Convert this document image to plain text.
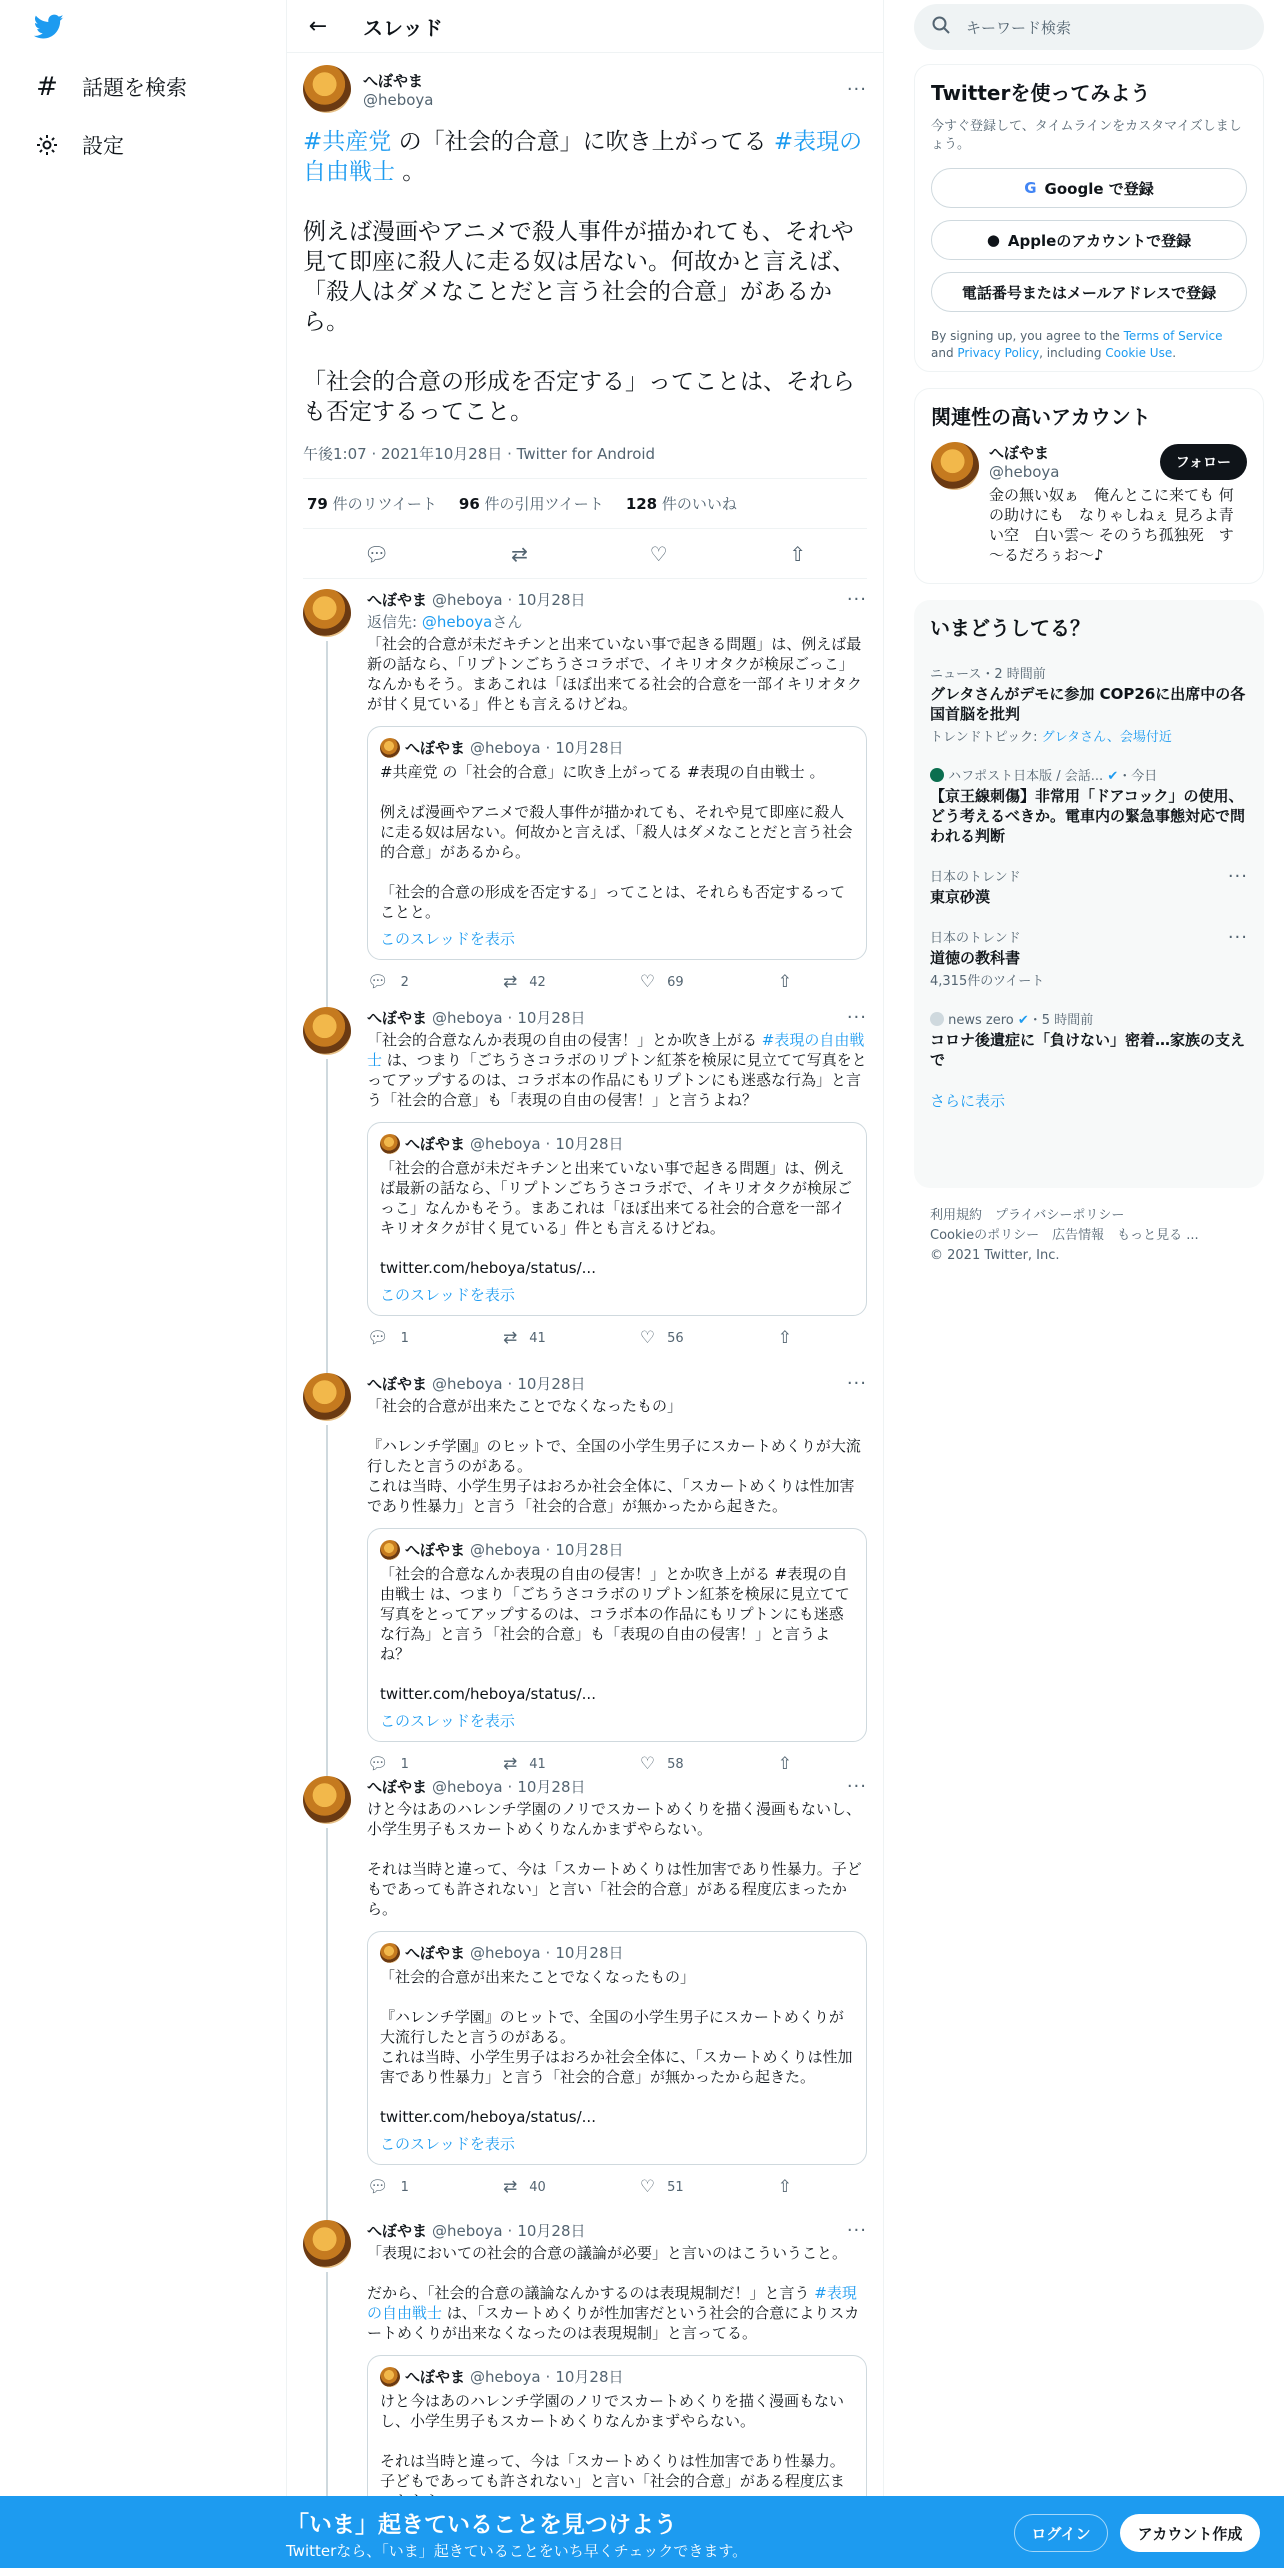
# 話題を検索
設定
← スレッド
へぼやま
@heboya	···
#共産党 の「社会的合意」に吹き上がってる #表現の自由戦士 。

例えば漫画やアニメで殺人事件が描かれても、それや見て即座に殺人に走る奴は居ない。何故かと言えば、「殺人はダメなことだと言う社会的合意」があるから。

「社会的合意の形成を否定する」ってことは、それらも否定するってこと。
午後1:07 · 2021年10月28日 · Twitter for Android
79 件のリツイート 96 件の引用ツイート 128 件のいいね
💬︎	⇄	♡	⇧
へぼやま @heboya · 10月28日	···
返信先: @heboyaさん
「社会的合意が未だキチンと出来ていない事で起きる問題」は、例えば最新の話なら、「リプトンごちうさコラボで、イキリオタクが検尿ごっこ」なんかもそう。まあこれは「ほぼ出来てる社会的合意を一部イキリオタクが甘く見ている」件とも言えるけどね。
へぼやま @heboya · 10月28日
#共産党 の「社会的合意」に吹き上がってる #表現の自由戦士 。

例えば漫画やアニメで殺人事件が描かれても、それや見て即座に殺人に走る奴は居ない。何故かと言えば、「殺人はダメなことだと言う社会的合意」があるから。

「社会的合意の形成を否定する」ってことは、それらも否定するってことと。
このスレッドを表示
💬︎ 2	⇄ 42	♡ 69	⇧
へぼやま @heboya · 10月28日	···
「社会的合意なんか表現の自由の侵害！」とか吹き上がる #表現の自由戦士 は、つまり「ごちうさコラボのリプトン紅茶を検尿に見立てて写真をとってアップするのは、コラボ本の作品にもリプトンにも迷惑な行為」と言う「社会的合意」も「表現の自由の侵害！」と言うよね？
へぼやま @heboya · 10月28日
「社会的合意が未だキチンと出来ていない事で起きる問題」は、例えば最新の話なら、「リプトンごちうさコラボで、イキリオタクが検尿ごっこ」なんかもそう。まあこれは「ほぼ出来てる社会的合意を一部イキリオタクが甘く見ている」件とも言えるけどね。

twitter.com/heboya/status/...
このスレッドを表示
💬︎ 1	⇄ 41	♡ 56	⇧
へぼやま @heboya · 10月28日	···
「社会的合意が出来たことでなくなったもの」

『ハレンチ学園』のヒットで、全国の小学生男子にスカートめくりが大流行したと言うのがある。
これは当時、小学生男子はおろか社会全体に、「スカートめくりは性加害であり性暴力」と言う「社会的合意」が無かったから起きた。
へぼやま @heboya · 10月28日
「社会的合意なんか表現の自由の侵害！」とか吹き上がる #表現の自由戦士 は、つまり「ごちうさコラボのリプトン紅茶を検尿に見立てて写真をとってアップするのは、コラボ本の作品にもリプトンにも迷惑な行為」と言う「社会的合意」も「表現の自由の侵害！」と言うよね？

twitter.com/heboya/status/...
このスレッドを表示
💬︎ 1	⇄ 41	♡ 58	⇧
へぼやま @heboya · 10月28日	···
けと今はあのハレンチ学園のノリでスカートめくりを描く漫画もないし、小学生男子もスカートめくりなんかまずやらない。

それは当時と違って、今は「スカートめくりは性加害であり性暴力。子どもであっても許されない」と言い「社会的合意」がある程度広まったから。
へぼやま @heboya · 10月28日
「社会的合意が出来たことでなくなったもの」

『ハレンチ学園』のヒットで、全国の小学生男子にスカートめくりが大流行したと言うのがある。
これは当時、小学生男子はおろか社会全体に、「スカートめくりは性加害であり性暴力」と言う「社会的合意」が無かったから起きた。

twitter.com/heboya/status/...
このスレッドを表示
💬︎ 1	⇄ 40	♡ 51	⇧
へぼやま @heboya · 10月28日	···
「表現においての社会的合意の議論が必要」と言いのはこういうこと。

だから、「社会的合意の議論なんかするのは表現規制だ！」と言う #表現の自由戦士 は、「スカートめくりが性加害だという社会的合意によりスカートめくりが出来なくなったのは表現規制」と言ってる。
へぼやま @heboya · 10月28日
けと今はあのハレンチ学園のノリでスカートめくりを描く漫画もないし、小学生男子もスカートめくりなんかまずやらない。

それは当時と違って、今は「スカートめくりは性加害であり性暴力。子どもであっても許されない」と言い「社会的合意」がある程度広ま
キーワード検索
Twitterを使ってみよう
今すぐ登録して、タイムラインをカスタマイズしましょう。
G Google で登録
● Appleのアカウントで登録
電話番号またはメールアドレスで登録
By signing up, you agree to the Terms of Service and Privacy Policy, including Cookie Use.
関連性の高いアカウント
へぼやま
@heboya
フォロー
金の無い奴ぁ　俺んとこに来ても 何の助けにも　なりゃしねぇ 見ろよ青い空　白い雲～ そのうち孤独死　す～るだろぅお～♪
いまどうしてる？
ニュース・2 時間前
グレタさんがデモに参加 COP26に出席中の各国首脳を批判
トレンドトピック: グレタさん、会場付近
ハフポスト日本版 / 会話... ✔・今日
【京王線刺傷】非常用「ドアコック」の使用、どう考えるべきか。電車内の緊急事態対応で問われる判断
日本のトレンド
東京砂漠
···
日本のトレンド
道徳の教科書
4,315件のツイート
···
news zero ✔・5 時間前
コロナ後遺症に「負けない」密着…家族の支えで
さらに表示
利用規約　プライバシーポリシー
Cookieのポリシー　広告情報　もっと見る ...
© 2021 Twitter, Inc.
「いま」起きていることを見つけよう
Twitterなら、「いま」起きていることをいち早くチェックできます。
ログイン	アカウント作成
